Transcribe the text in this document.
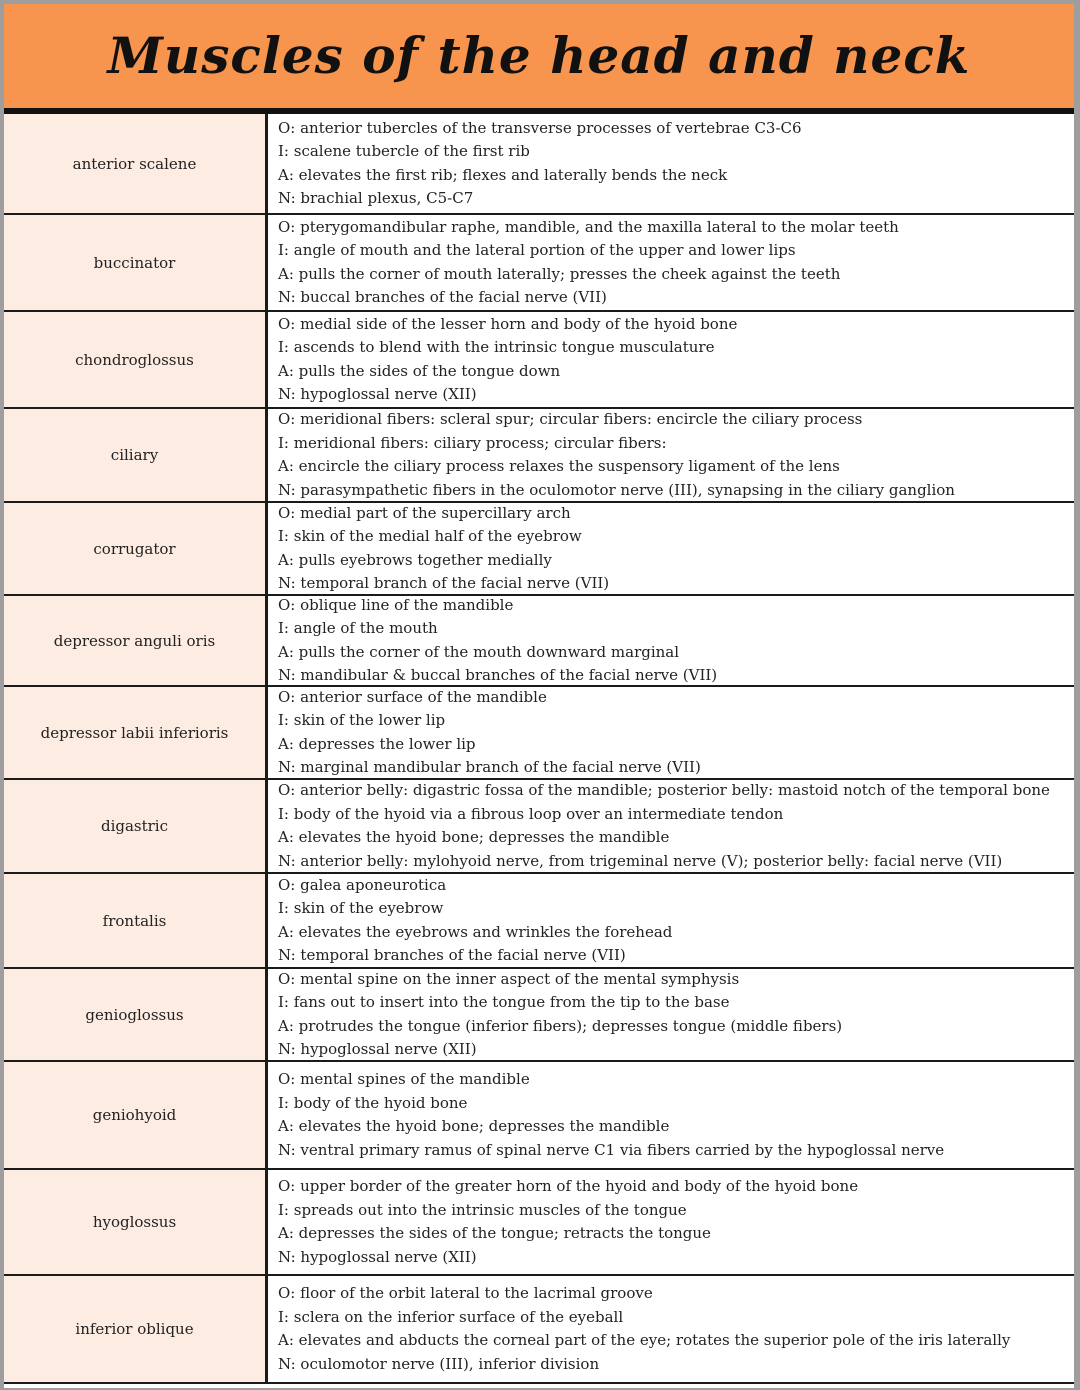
Muscles of the head and neck
anterior scalene
O: anterior tubercles of the transverse processes of vertebrae C3-C6
I: scalene tubercle of the first rib
A: elevates the first rib; flexes and laterally bends the neck
N: brachial plexus, C5-C7
buccinator
O: pterygomandibular raphe, mandible, and the maxilla lateral to the molar teeth
I: angle of mouth and the lateral portion of the upper and lower lips
A: pulls the corner of mouth laterally; presses the cheek against the teeth
N: buccal branches of the facial nerve (VII)
chondroglossus
O: medial side of the lesser horn and body of the hyoid bone
I: ascends to blend with the intrinsic tongue musculature
A: pulls the sides of the tongue down
N: hypoglossal nerve (XII)
ciliary
O: meridional fibers: scleral spur; circular fibers: encircle the ciliary process
I: meridional fibers: ciliary process; circular fibers:
A: encircle the ciliary process relaxes the suspensory ligament of the lens
N: parasympathetic fibers in the oculomotor nerve (III), synapsing in the ciliary ganglion
corrugator
O: medial part of the supercillary arch
I: skin of the medial half of the eyebrow
A: pulls eyebrows together medially
N: temporal branch of the facial nerve (VII)
depressor anguli oris
O: oblique line of the mandible
I: angle of the mouth
A: pulls the corner of the mouth downward marginal
N: mandibular & buccal branches of the facial nerve (VII)
depressor labii inferioris
O: anterior surface of the mandible
I: skin of the lower lip
A: depresses the lower lip
N: marginal mandibular branch of the facial nerve (VII)
digastric
O: anterior belly: digastric fossa of the mandible; posterior belly: mastoid notch of the temporal bone
I: body of the hyoid via a fibrous loop over an intermediate tendon
A: elevates the hyoid bone; depresses the mandible
N: anterior belly: mylohyoid nerve, from trigeminal nerve (V); posterior belly: facial nerve (VII)
frontalis
O: galea aponeurotica
I: skin of the eyebrow
A: elevates the eyebrows and wrinkles the forehead
N: temporal branches of the facial nerve (VII)
genioglossus
O: mental spine on the inner aspect of the mental symphysis
I: fans out to insert into the tongue from the tip to the base
A: protrudes the tongue (inferior fibers); depresses tongue (middle fibers)
N: hypoglossal nerve (XII)
geniohyoid
O: mental spines of the mandible
I: body of the hyoid bone
A: elevates the hyoid bone; depresses the mandible
N: ventral primary ramus of spinal nerve C1 via fibers carried by the hypoglossal nerve
hyoglossus
O: upper border of the greater horn of the hyoid and body of the hyoid bone
I: spreads out into the intrinsic muscles of the tongue
A: depresses the sides of the tongue; retracts the tongue
N: hypoglossal nerve (XII)
inferior oblique
O: floor of the orbit lateral to the lacrimal groove
I: sclera on the inferior surface of the eyeball
A: elevates and abducts the corneal part of the eye; rotates the superior pole of the iris laterally
N: oculomotor nerve (III), inferior division
